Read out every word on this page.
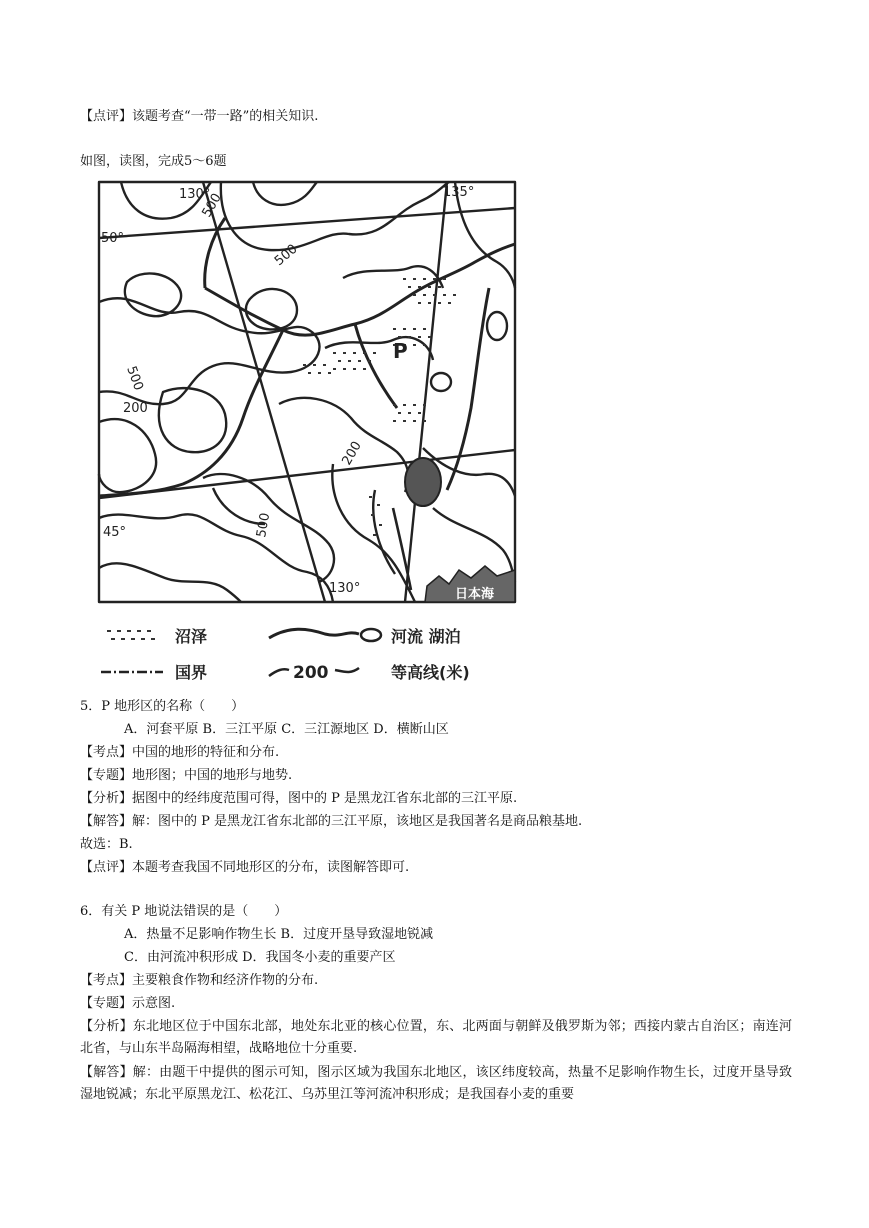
【点评】该题考查“一带一路”的相关知识.
如图，读图，完成5～6题
130°	135°
50°
45°
130°
500
500
500
500
200
200
P
日本海
沼泽
国界
河流 湖泊
200	等高线(米)
5．P 地形区的名称（　　）
A．河套平原 B．三江平原 C．三江源地区 D．横断山区
【考点】中国的地形的特征和分布.
【专题】地形图；中国的地形与地势.
【分析】据图中的经纬度范围可得，图中的 P 是黑龙江省东北部的三江平原.
【解答】解：图中的 P 是黑龙江省东北部的三江平原，该地区是我国著名是商品粮基地.
故选：B.
【点评】本题考查我国不同地形区的分布，读图解答即可.
6．有关 P 地说法错误的是（　　）
A．热量不足影响作物生长 B．过度开垦导致湿地锐减
C．由河流冲积形成 D．我国冬小麦的重要产区
【考点】主要粮食作物和经济作物的分布.
【专题】示意图.
【分析】东北地区位于中国东北部，地处东北亚的核心位置，东、北两面与朝鲜及俄罗斯为邻；西接内蒙古自治区；南连河北省，与山东半岛隔海相望，战略地位十分重要.
【解答】解：由题干中提供的图示可知，图示区域为我国东北地区，该区纬度较高，热量不足影响作物生长，过度开垦导致湿地锐减；东北平原黑龙江、松花江、乌苏里江等河流冲积形成；是我国春小麦的重要
